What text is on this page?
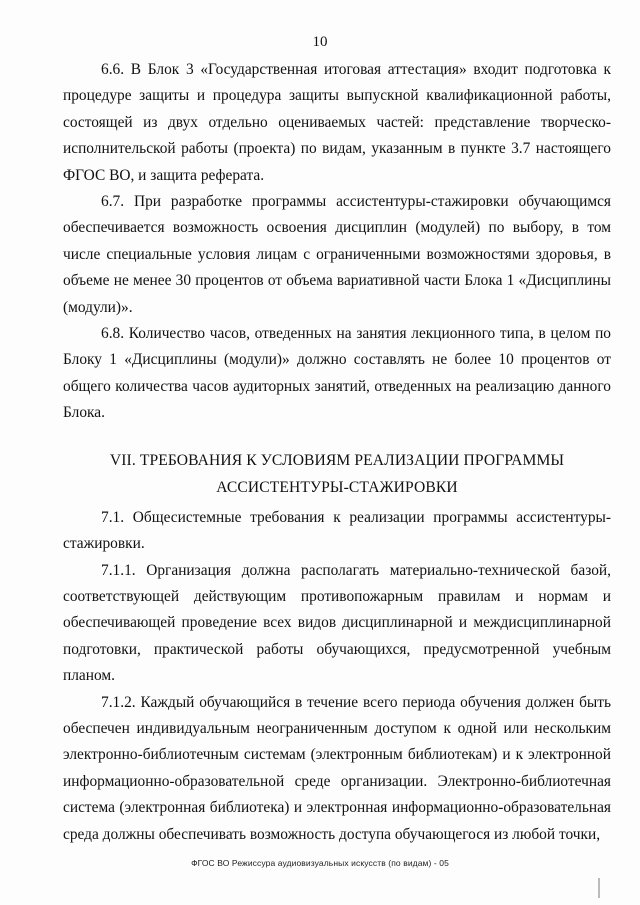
10

6.6. В Блок 3 «Государственная итоговая аттестация» входит подготовка к процедуре защиты и процедура защиты выпускной квалификационной работы, состоящей из двух отдельно оцениваемых частей: представление творческо-исполнительской работы (проекта) по видам, указанным в пункте 3.7 настоящего ФГОС ВО, и защита реферата.

6.7. При разработке программы ассистентуры-стажировки обучающимся обеспечивается возможность освоения дисциплин (модулей) по выбору, в том числе специальные условия лицам с ограниченными возможностями здоровья, в объеме не менее 30 процентов от объема вариативной части Блока 1 «Дисциплины (модули)».

6.8. Количество часов, отведенных на занятия лекционного типа, в целом по Блоку 1 «Дисциплины (модули)» должно составлять не более 10 процентов от общего количества часов аудиторных занятий, отведенных на реализацию данного Блока.

VII. ТРЕБОВАНИЯ К УСЛОВИЯМ РЕАЛИЗАЦИИ ПРОГРАММЫ
АССИСТЕНТУРЫ-СТАЖИРОВКИ

7.1. Общесистемные требования к реализации программы ассистентуры-стажировки.

7.1.1. Организация должна располагать материально-технической базой, соответствующей действующим противопожарным правилам и нормам и обеспечивающей проведение всех видов дисциплинарной и междисциплинарной подготовки, практической работы обучающихся, предусмотренной учебным планом.

7.1.2. Каждый обучающийся в течение всего периода обучения должен быть обеспечен индивидуальным неограниченным доступом к одной или нескольким электронно-библиотечным системам (электронным библиотекам) и к электронной информационно-образовательной среде организации. Электронно-библиотечная система (электронная библиотека) и электронная информационно-образовательная среда должны обеспечивать возможность доступа обучающегося из любой точки,

ФГОС ВО Режиссура аудиовизуальных искусств (по видам) - 05
